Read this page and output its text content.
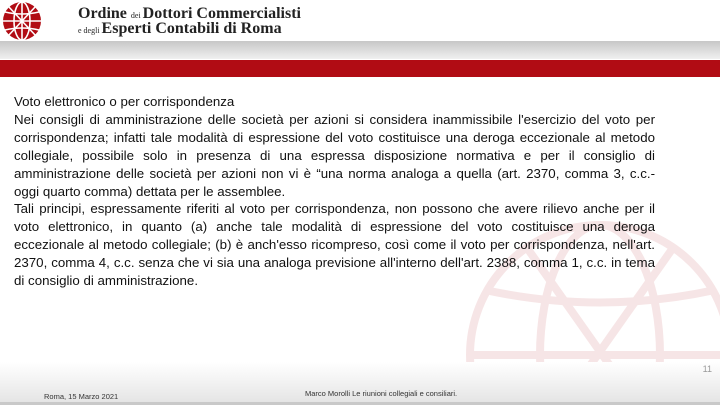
Ordine dei Dottori Commercialisti
e degli Esperti Contabili di Roma

Voto elettronico o per corrispondenza

Nei consigli di amministrazione delle società per azioni si considera inammissibile l'esercizio del voto per corrispondenza; infatti tale modalità di espressione del voto costituisce una deroga eccezionale al metodo collegiale, possibile solo in presenza di una espressa disposizione normativa e per il consiglio di amministrazione delle società per azioni non vi è “una norma analoga a quella (art. 2370, comma 3, c.c.- oggi quarto comma) dettata per le assemblee.

Tali principi, espressamente riferiti al voto per corrispondenza, non possono che avere rilievo anche per il voto elettronico, in quanto (a) anche tale modalità di espressione del voto costituisce una deroga eccezionale al metodo collegiale; (b) è anch'esso ricompreso, così come il voto per corrispondenza, nell'art. 2370, comma 4, c.c. senza che vi sia una analoga previsione all'interno dell'art. 2388, comma 1, c.c. in tema di consiglio di amministrazione.

11
Roma, 15 Marzo 2021	Marco Morolli Le riunioni collegiali e consiliari.
